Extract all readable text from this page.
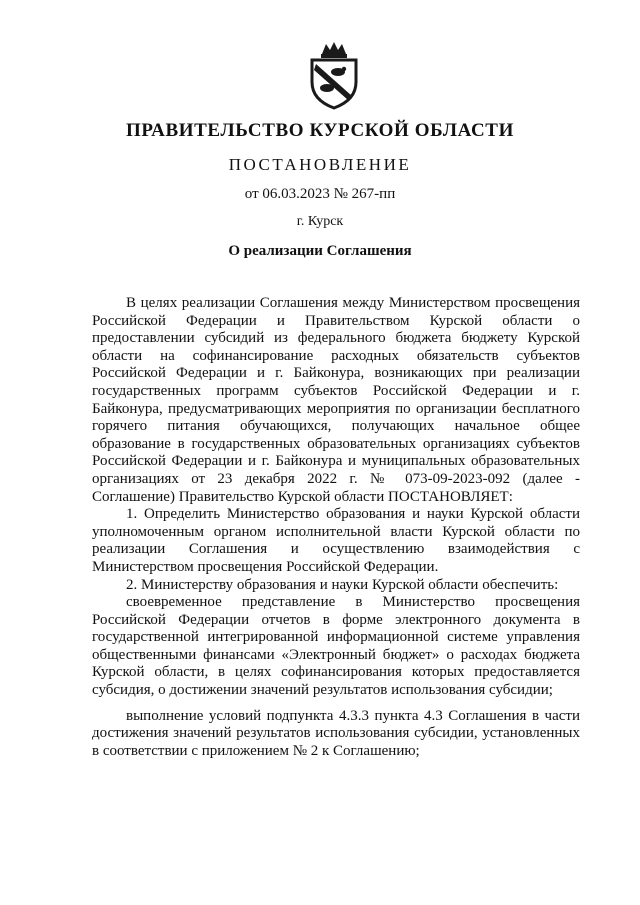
ПРАВИТЕЛЬСТВО КУРСКОЙ ОБЛАСТИ
ПОСТАНОВЛЕНИЕ
от 06.03.2023 № 267-пп
г. Курск
О реализации Соглашения

В целях реализации Соглашения между Министерством просвещения Российской Федерации и Правительством Курской области о предоставлении субсидий из федерального бюджета бюджету Курской области на софинансирование расходных обязательств субъектов Российской Федерации и г. Байконура, возникающих при реализации государственных программ субъектов Российской Федерации и г. Байконура, предусматривающих мероприятия по организации бесплатного горячего питания обучающихся, получающих начальное общее образование в государственных образовательных организациях субъектов Российской Федерации и г. Байконура и муниципальных образовательных организациях от 23 декабря 2022 г. № 073-09-2023-092 (далее - Соглашение) Правительство Курской области ПОСТАНОВЛЯЕТ:

1. Определить Министерство образования и науки Курской области уполномоченным органом исполнительной власти Курской области по реализации Соглашения и осуществлению взаимодействия с Министерством просвещения Российской Федерации.

2. Министерству образования и науки Курской области обеспечить:

своевременное представление в Министерство просвещения Российской Федерации отчетов в форме электронного документа в государственной интегрированной информационной системе управления общественными финансами «Электронный бюджет» о расходах бюджета Курской области, в целях софинансирования которых предоставляется субсидия, о достижении значений результатов использования субсидии;

выполнение условий подпункта 4.3.3 пункта 4.3 Соглашения в части достижения значений результатов использования субсидии, установленных в соответствии с приложением № 2 к Соглашению;
